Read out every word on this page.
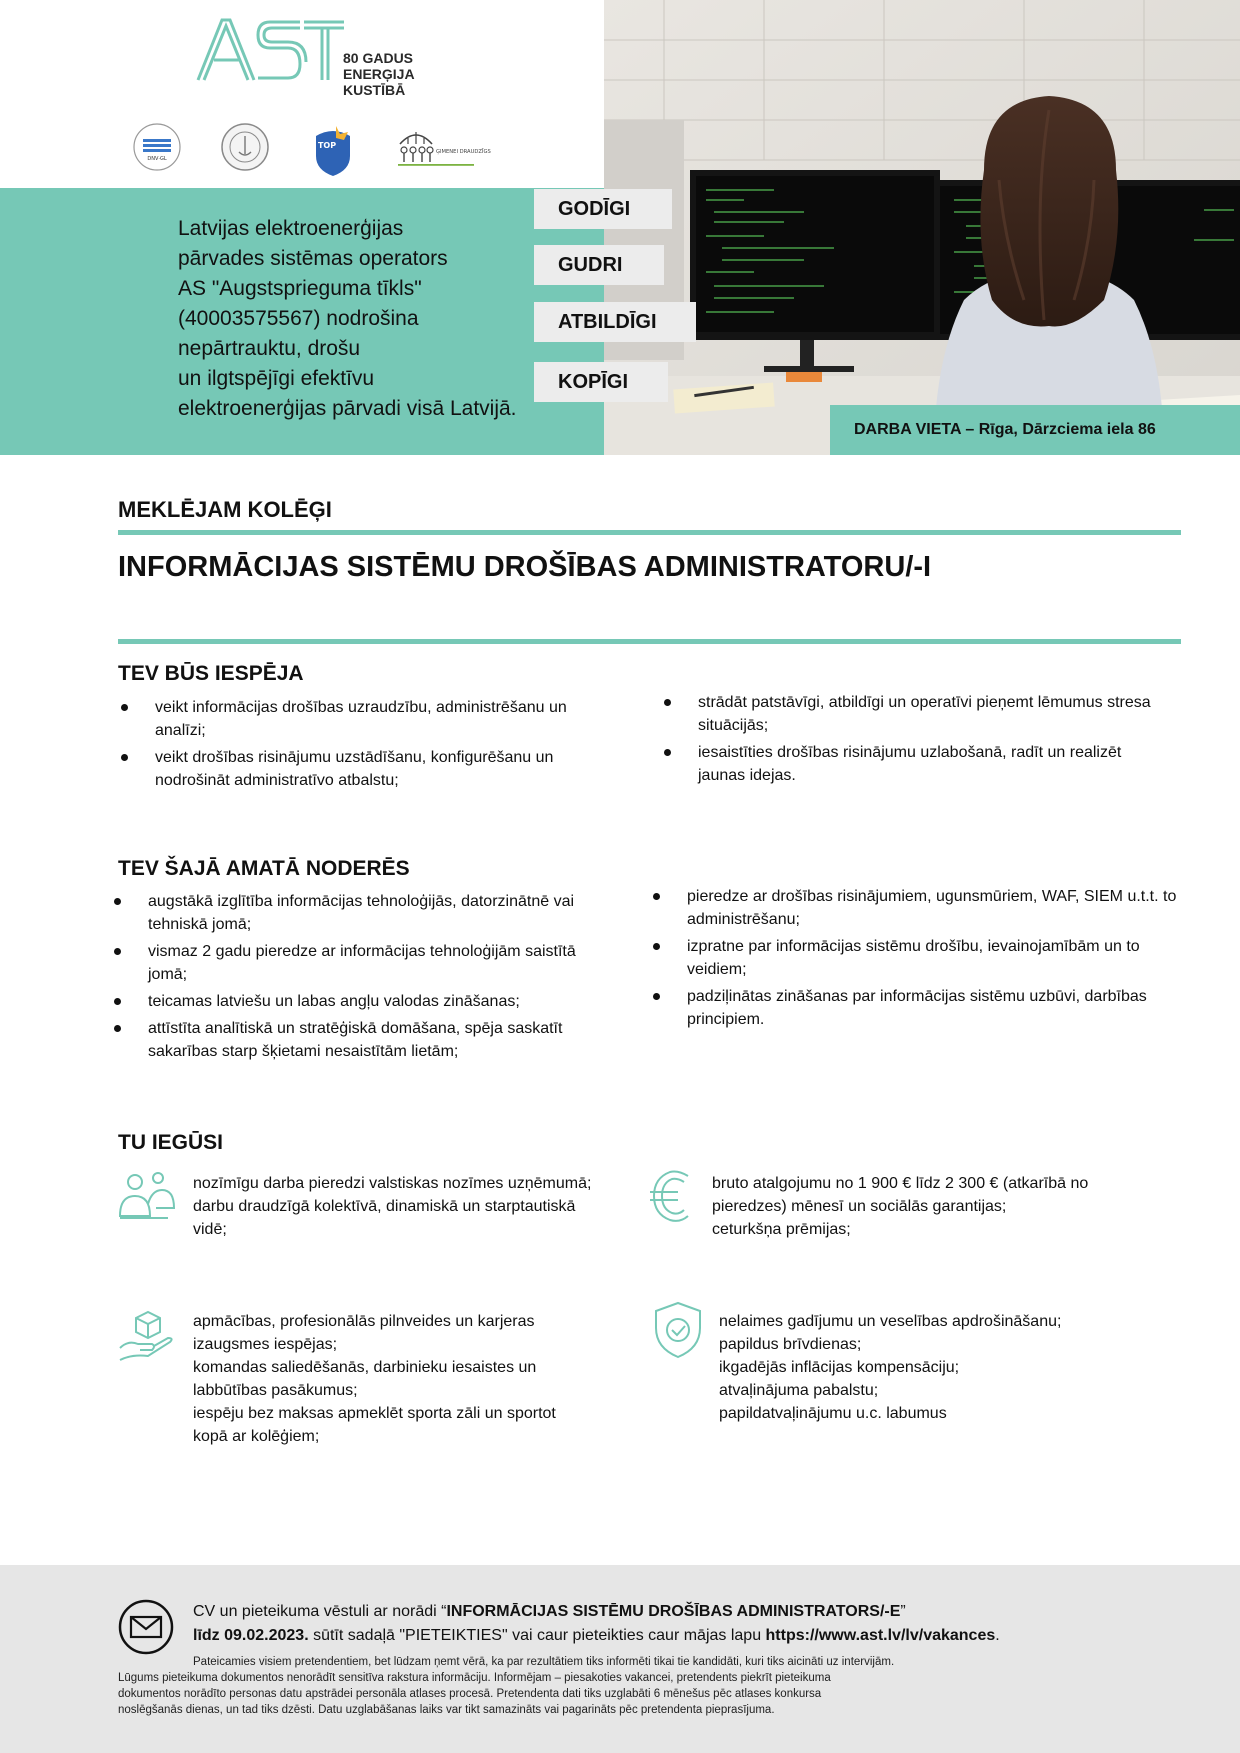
80 GADUS
ENERĢIJA
KUSTĪBĀ
DNV·GL
TOP
ĢIMENEI DRAUDZĪGS
Latvijas elektroenerģijas
pārvades sistēmas operators
AS "Augstsprieguma tīkls"
(40003575567) nodrošina
nepārtrauktu, drošu
un ilgtspējīgi efektīvu
elektroenerģijas pārvadi visā Latvijā.
GODĪGI
GUDRI
ATBILDĪGI
KOPĪGI
DARBA VIETA – Rīga, Dārzciema iela 86
MEKLĒJAM KOLĒĢI
INFORMĀCIJAS SISTĒMU DROŠĪBAS ADMINISTRATORU/-I
TEV BŪS IESPĒJA
veikt informācijas drošības uzraudzību, administrēšanu un analīzi;
veikt drošības risinājumu uzstādīšanu, konfigurēšanu un nodrošināt administratīvo atbalstu;
strādāt patstāvīgi, atbildīgi un operatīvi pieņemt lēmumus stresa situācijās;
iesaistīties drošības risinājumu uzlabošanā, radīt un realizēt jaunas idejas.
TEV ŠAJĀ AMATĀ NODERĒS
augstākā izglītība informācijas tehnoloģijās, datorzinātnē vai tehniskā jomā;
vismaz 2 gadu pieredze ar informācijas tehnoloģijām saistītā jomā;
teicamas latviešu un labas angļu valodas zināšanas;
attīstīta analītiskā un stratēģiskā domāšana, spēja saskatīt sakarības starp šķietami nesaistītām lietām;
pieredze ar drošības risinājumiem, ugunsmūriem, WAF, SIEM u.t.t. to administrēšanu;
izpratne par informācijas sistēmu drošību, ievainojamībām un to veidiem;
padziļinātas zināšanas par informācijas sistēmu uzbūvi, darbības principiem.
TU IEGŪSI
nozīmīgu darba pieredzi valstiskas nozīmes uzņēmumā;
darbu draudzīgā kolektīvā, dinamiskā un starptautiskā
vidē;
bruto atalgojumu no 1 900 € līdz 2 300 € (atkarībā no
pieredzes) mēnesī un sociālās garantijas;
ceturkšņa prēmijas;
apmācības, profesionālās pilnveides un karjeras
izaugsmes iespējas;
komandas saliedēšanās, darbinieku iesaistes un
labbūtības pasākumus;
iespēju bez maksas apmeklēt sporta zāli un sportot
kopā ar kolēģiem;
nelaimes gadījumu un veselības apdrošināšanu;
papildus brīvdienas;
ikgadējās inflācijas kompensāciju;
atvaļinājuma pabalstu;
papildatvaļinājumu u.c. labumus
CV un pieteikuma vēstuli ar norādi “INFORMĀCIJAS SISTĒMU DROŠĪBAS ADMINISTRATORS/-E”
līdz 09.02.2023. sūtīt sadaļā "PIETEIKTIES" vai caur pieteikties caur mājas lapu https://www.ast.lv/lv/vakances.
Pateicamies visiem pretendentiem, bet lūdzam ņemt vērā, ka par rezultātiem tiks informēti tikai tie kandidāti, kuri tiks aicināti uz intervijām.
Lūgums pieteikuma dokumentos nenorādīt sensitīva rakstura informāciju. Informējam – piesakoties vakancei, pretendents piekrīt pieteikuma
dokumentos norādīto personas datu apstrādei personāla atlases procesā. Pretendenta dati tiks uzglabāti 6 mēnešus pēc atlases konkursa
noslēgšanās dienas, un tad tiks dzēsti. Datu uzglabāšanas laiks var tikt samazināts vai pagarināts pēc pretendenta pieprasījuma.
